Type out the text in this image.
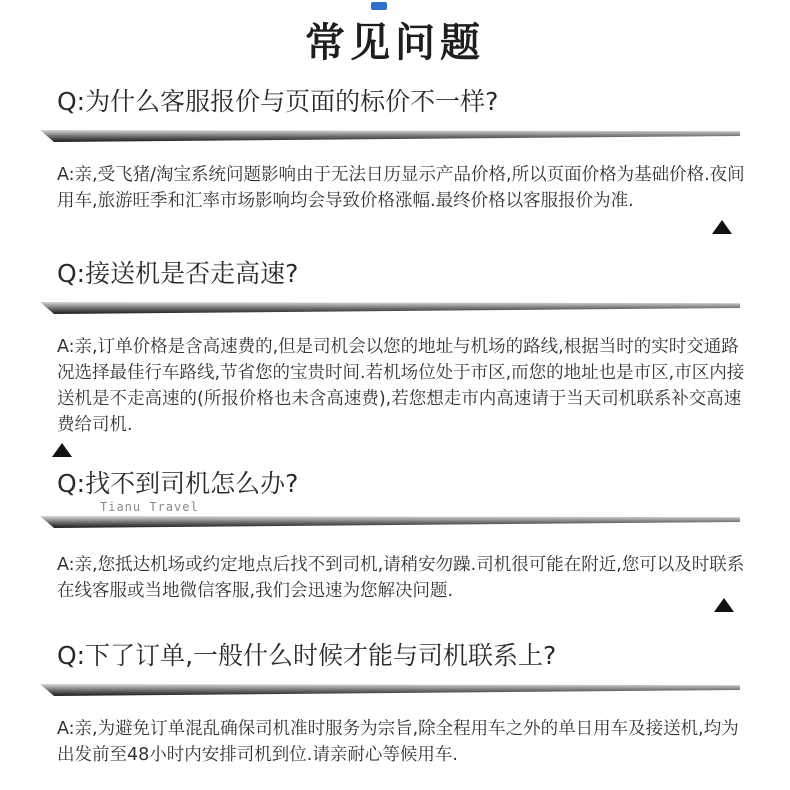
常见问题
Q:为什么客服报价与页面的标价不一样?
A:亲,受飞猪/淘宝系统问题影响由于无法日历显示产品价格,所以页面价格为基础价格.夜间用车,旅游旺季和汇率市场影响均会导致价格涨幅.最终价格以客服报价为准.
Q:接送机是否走高速?
A:亲,订单价格是含高速费的,但是司机会以您的地址与机场的路线,根据当时的实时交通路况选择最佳行车路线,节省您的宝贵时间.若机场位处于市区,而您的地址也是市区,市区内接送机是不走高速的(所报价格也未含高速费),若您想走市内高速请于当天司机联系补交高速费给司机.
Q:找不到司机怎么办?
Tianu Travel
A:亲,您抵达机场或约定地点后找不到司机,请稍安勿躁.司机很可能在附近,您可以及时联系在线客服或当地微信客服,我们会迅速为您解决问题.
Q:下了订单,一般什么时候才能与司机联系上?
A:亲,为避免订单混乱确保司机准时服务为宗旨,除全程用车之外的单日用车及接送机,均为出发前至48小时内安排司机到位.请亲耐心等候用车.
